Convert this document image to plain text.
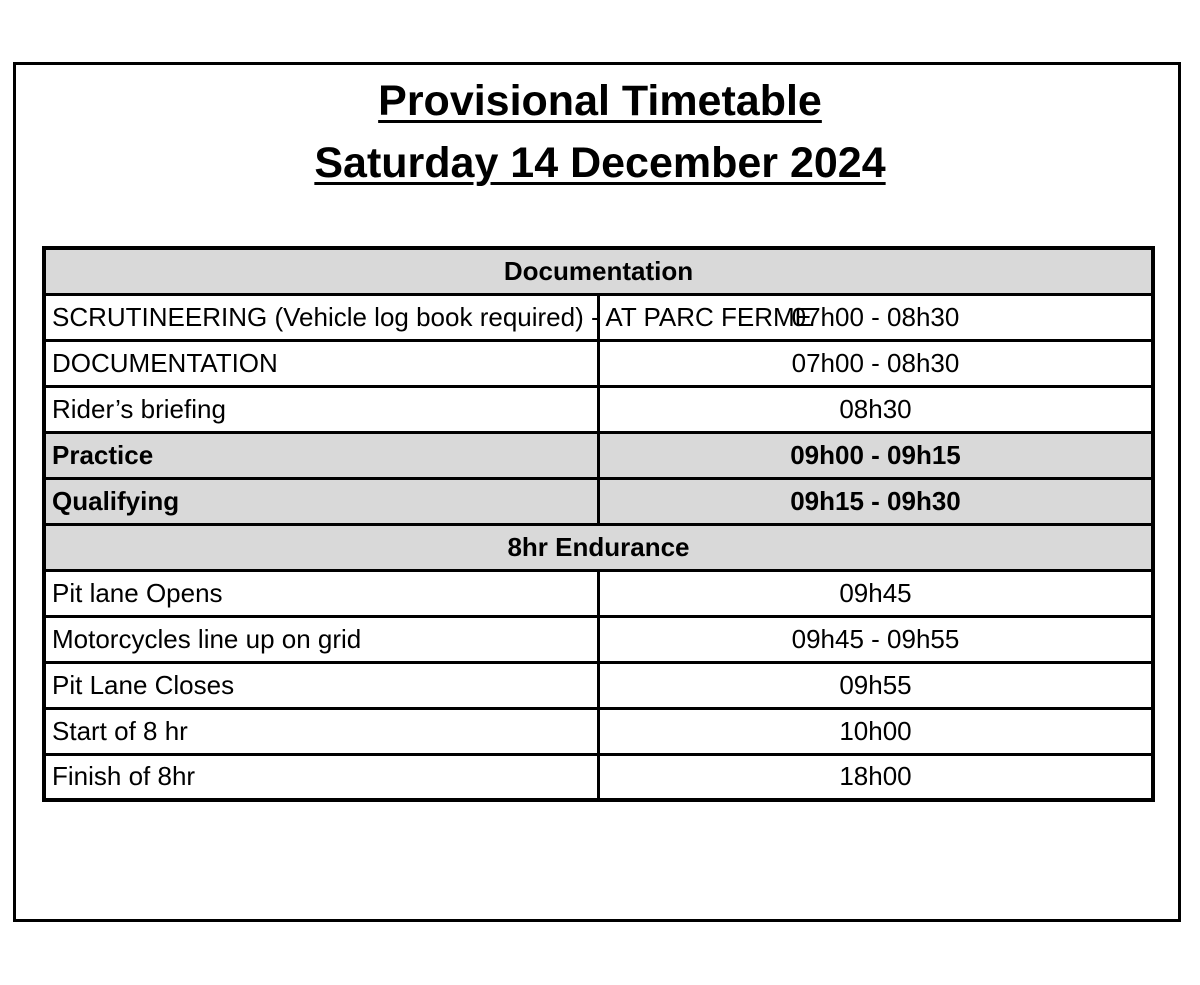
Provisional Timetable
Saturday 14 December 2024
Documentation	
SCRUTINEERING (Vehicle log book required) - AT PARC FERME	07h00 - 08h30
DOCUMENTATION	07h00 - 08h30
Rider’s briefing	08h30
Practice	09h00 - 09h15
Qualifying	09h15 - 09h30
8hr Endurance	
Pit lane Opens	09h45
Motorcycles line up on grid	09h45 - 09h55
Pit Lane Closes	09h55
Start of 8 hr	10h00
Finish of 8hr	18h00
